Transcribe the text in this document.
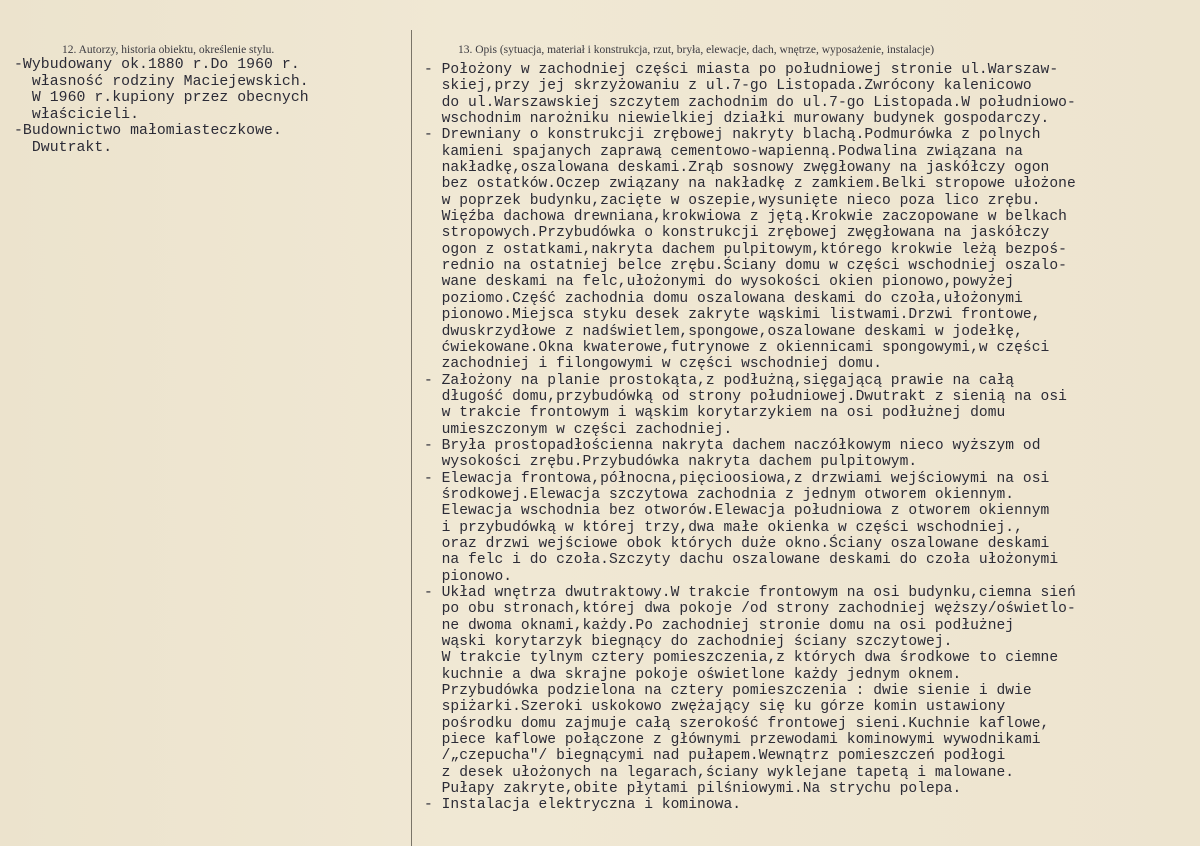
12. Autorzy, historia obiektu, określenie stylu.	13. Opis (sytuacja, materiał i konstrukcja, rzut, bryła, elewacje, dach, wnętrze, wyposażenie, instalacje)
-Wybudowany ok.1880 r.Do 1960 r.
własność rodziny Maciejewskich.
W 1960 r.kupiony przez obecnych
właścicieli.
-Budownictwo małomiasteczkowe.
Dwutrakt.
- Położony w zachodniej części miasta po południowej stronie ul.Warszaw-
skiej,przy jej skrzyżowaniu z ul.7-go Listopada.Zwrócony kalenicowo
do ul.Warszawskiej szczytem zachodnim do ul.7-go Listopada.W południowo-
wschodnim narożniku niewielkiej działki murowany budynek gospodarczy.
- Drewniany o konstrukcji zrębowej nakryty blachą.Podmurówka z polnych
kamieni spajanych zaprawą cementowo-wapienną.Podwalina związana na
nakładkę,oszalowana deskami.Zrąb sosnowy zwęgłowany na jaskółczy ogon
bez ostatków.Oczep związany na nakładkę z zamkiem.Belki stropowe ułożone
w poprzek budynku,zacięte w oszepie,wysunięte nieco poza lico zrębu.
Więźba dachowa drewniana,krokwiowa z jętą.Krokwie zaczopowane w belkach
stropowych.Przybudówka o konstrukcji zrębowej zwęgłowana na jaskółczy
ogon z ostatkami,nakryta dachem pulpitowym,którego krokwie leżą bezpoś-
rednio na ostatniej belce zrębu.Ściany domu w części wschodniej oszalo-
wane deskami na felc,ułożonymi do wysokości okien pionowo,powyżej
poziomo.Część zachodnia domu oszalowana deskami do czoła,ułożonymi
pionowo.Miejsca styku desek zakryte wąskimi listwami.Drzwi frontowe,
dwuskrzydłowe z nadświetlem,spongowe,oszalowane deskami w jodełkę,
ćwiekowane.Okna kwaterowe,futrynowe z okiennicami spongowymi,w części
zachodniej i filongowymi w części wschodniej domu.
- Założony na planie prostokąta,z podłużną,sięgającą prawie na całą
długość domu,przybudówką od strony południowej.Dwutrakt z sienią na osi
w trakcie frontowym i wąskim korytarzykiem na osi podłużnej domu
umieszczonym w części zachodniej.
- Bryła prostopadłościenna nakryta dachem naczółkowym nieco wyższym od
wysokości zrębu.Przybudówka nakryta dachem pulpitowym.
- Elewacja frontowa,północna,pięcioosiowa,z drzwiami wejściowymi na osi
środkowej.Elewacja szczytowa zachodnia z jednym otworem okiennym.
Elewacja wschodnia bez otworów.Elewacja południowa z otworem okiennym
i przybudówką w której trzy,dwa małe okienka w części wschodniej.,
oraz drzwi wejściowe obok których duże okno.Ściany oszalowane deskami
na felc i do czoła.Szczyty dachu oszalowane deskami do czoła ułożonymi
pionowo.
- Układ wnętrza dwutraktowy.W trakcie frontowym na osi budynku,ciemna sień
po obu stronach,której dwa pokoje /od strony zachodniej węższy/oświetlo-
ne dwoma oknami,każdy.Po zachodniej stronie domu na osi podłużnej
wąski korytarzyk biegnący do zachodniej ściany szczytowej.
W trakcie tylnym cztery pomieszczenia,z których dwa środkowe to ciemne
kuchnie a dwa skrajne pokoje oświetlone każdy jednym oknem.
Przybudówka podzielona na cztery pomieszczenia : dwie sienie i dwie
spiżarki.Szeroki uskokowo zwężający się ku górze komin ustawiony
pośrodku domu zajmuje całą szerokość frontowej sieni.Kuchnie kaflowe,
piece kaflowe połączone z głównymi przewodami kominowymi wywodnikami
/„czepucha"/ biegnącymi nad pułapem.Wewnątrz pomieszczeń podłogi
z desek ułożonych na legarach,ściany wyklejane tapetą i malowane.
Pułapy zakryte,obite płytami pilśniowymi.Na strychu polepa.
- Instalacja elektryczna i kominowa.
